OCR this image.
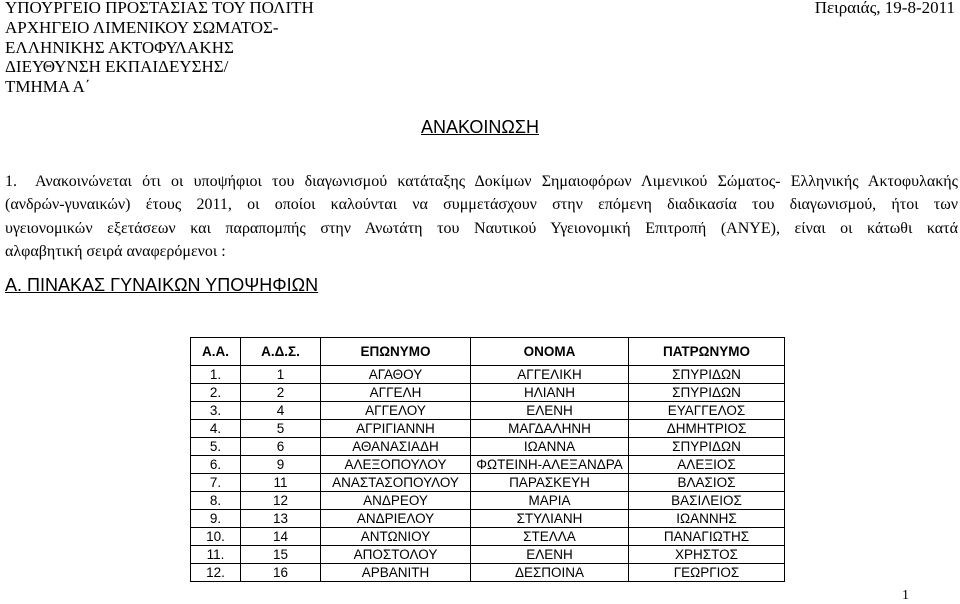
ΥΠΟΥΡΓΕΙΟ ΠΡΟΣΤΑΣΙΑΣ ΤΟΥ ΠΟΛΙΤΗ
ΑΡΧΗΓΕΙΟ ΛΙΜΕΝΙΚΟΥ ΣΩΜΑΤΟΣ-
ΕΛΛΗΝΙΚΗΣ ΑΚΤΟΦΥΛΑΚΗΣ
ΔΙΕΥΘΥΝΣΗ ΕΚΠΑΙΔΕΥΣΗΣ/
ΤΜΗΜΑ Α΄
Πειραιάς, 19-8-2011
ΑΝΑΚΟΙΝΩΣΗ
1. Ανακοινώνεται ότι οι υποψήφιοι του διαγωνισμού κατάταξης Δοκίμων Σημαιοφόρων Λιμενικού Σώματος- Ελληνικής Ακτοφυλακής
(ανδρών-γυναικών) έτους 2011, οι οποίοι καλούνται να συμμετάσχουν στην επόμενη διαδικασία του διαγωνισμού, ήτοι των
υγειονομικών εξετάσεων και παραπομπής στην Ανωτάτη του Ναυτικού Υγειονομική Επιτροπή (ΑΝΥΕ), είναι οι κάτωθι κατά
αλφαβητική σειρά αναφερόμενοι :
Α. ΠΙΝΑΚΑΣ ΓΥΝΑΙΚΩΝ ΥΠΟΨΗΦΙΩΝ
Α.Α.	Α.Δ.Σ.	ΕΠΩΝΥΜΟ	ΟΝΟΜΑ	ΠΑΤΡΩΝΥΜΟ
1.	1	ΑΓΑΘΟΥ	ΑΓΓΕΛΙΚΗ	ΣΠΥΡΙΔΩΝ
2.	2	ΑΓΓΕΛΗ	ΗΛΙΑΝΗ	ΣΠΥΡΙΔΩΝ
3.	4	ΑΓΓΕΛΟΥ	ΕΛΕΝΗ	ΕΥΑΓΓΕΛΟΣ
4.	5	ΑΓΡΙΓΙΑΝΝΗ	ΜΑΓΔΑΛΗΝΗ	ΔΗΜΗΤΡΙΟΣ
5.	6	ΑΘΑΝΑΣΙΑΔΗ	ΙΩΑΝΝΑ	ΣΠΥΡΙΔΩΝ
6.	9	ΑΛΕΞΟΠΟΥΛΟΥ	ΦΩΤΕΙΝΗ-ΑΛΕΞΑΝΔΡΑ	ΑΛΕΞΙΟΣ
7.	11	ΑΝΑΣΤΑΣΟΠΟΥΛΟΥ	ΠΑΡΑΣΚΕΥΗ	ΒΛΑΣΙΟΣ
8.	12	ΑΝΔΡΕΟΥ	ΜΑΡΙΑ	ΒΑΣΙΛΕΙΟΣ
9.	13	ΑΝΔΡΙΕΛΟΥ	ΣΤΥΛΙΑΝΗ	ΙΩΑΝΝΗΣ
10.	14	ΑΝΤΩΝΙΟΥ	ΣΤΕΛΛΑ	ΠΑΝΑΓΙΩΤΗΣ
11.	15	ΑΠΟΣΤΟΛΟΥ	ΕΛΕΝΗ	ΧΡΗΣΤΟΣ
12.	16	ΑΡΒΑΝΙΤΗ	ΔΕΣΠΟΙΝΑ	ΓΕΩΡΓΙΟΣ
1
